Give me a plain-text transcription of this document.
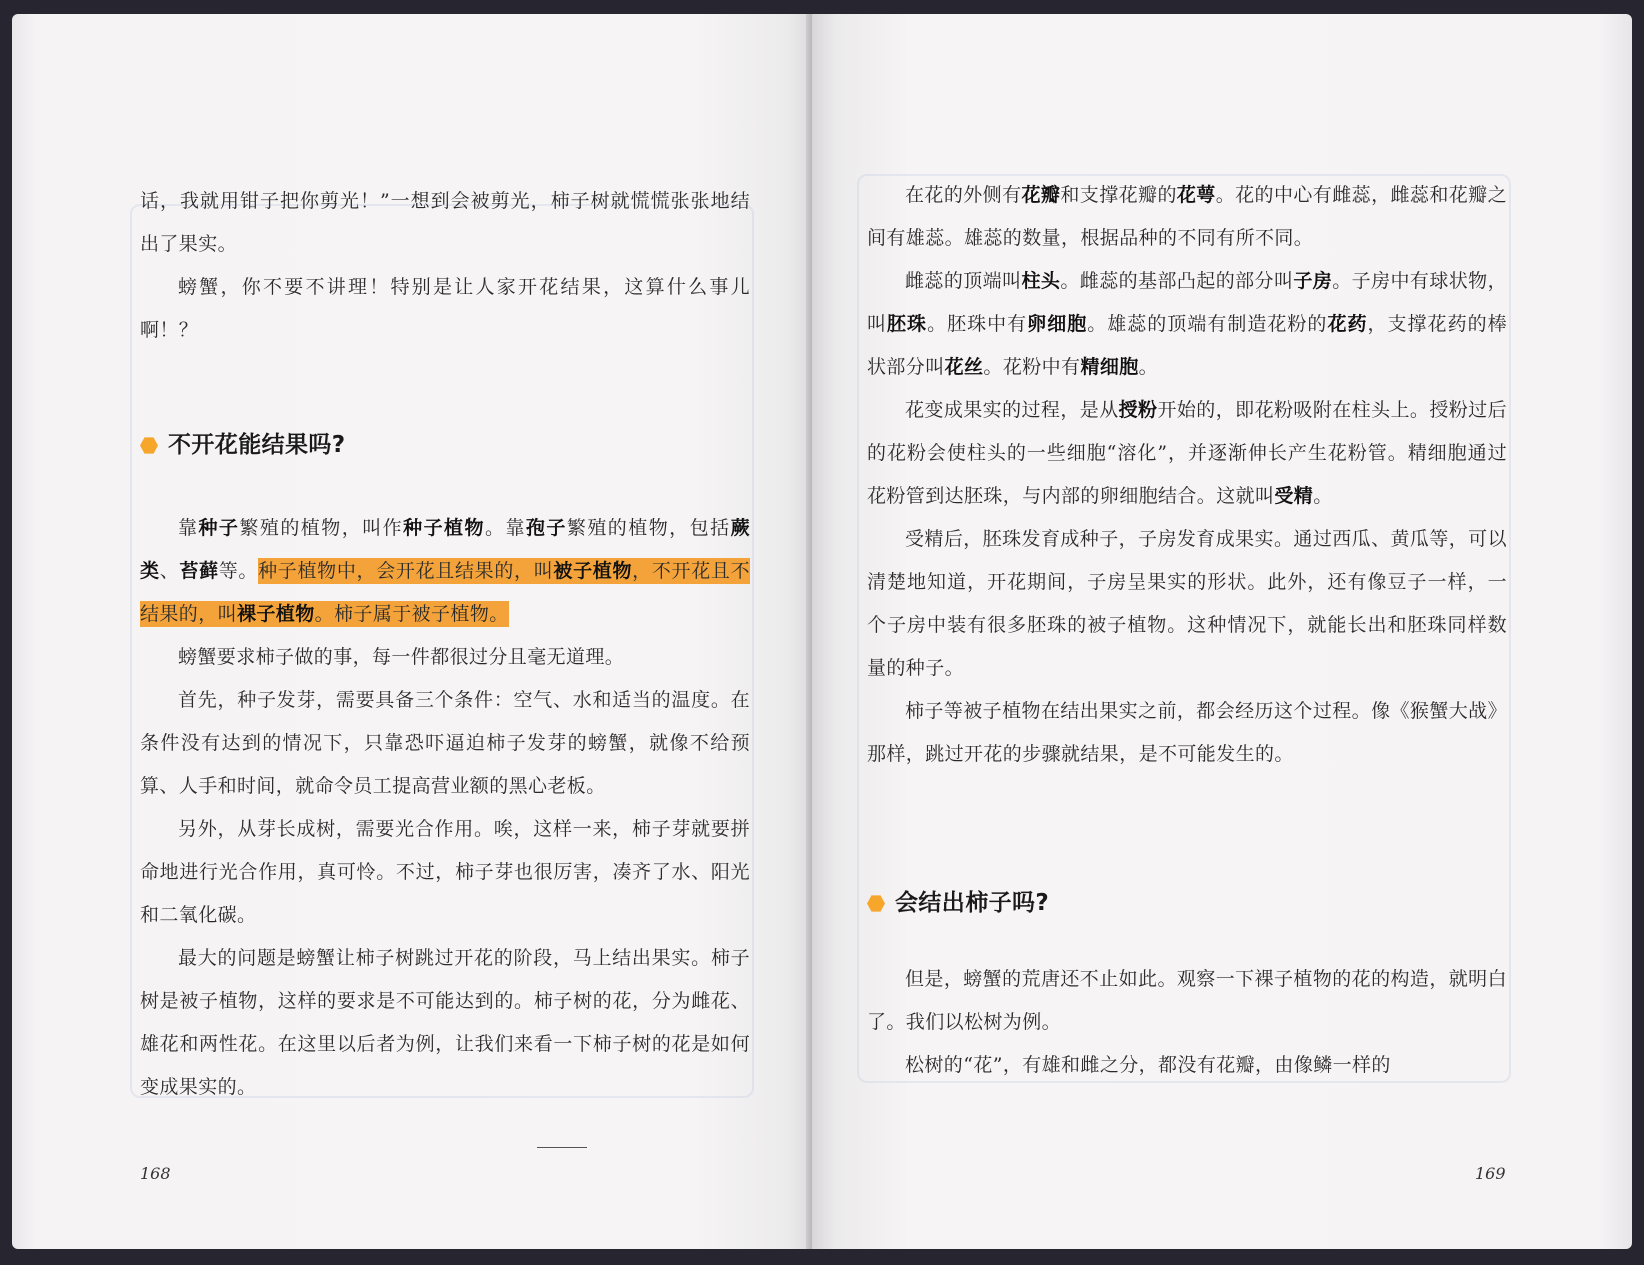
话，我就用钳子把你剪光！”一想到会被剪光，柿子树就慌慌张张地结出了果实。

螃蟹，你不要不讲理！特别是让人家开花结果，这算什么事儿啊！？

不开花能结果吗?

靠种子繁殖的植物，叫作种子植物。靠孢子繁殖的植物，包括蕨类、苔藓等。种子植物中，会开花且结果的，叫被子植物，不开花且不结果的，叫裸子植物。柿子属于被子植物。

螃蟹要求柿子做的事，每一件都很过分且毫无道理。

首先，种子发芽，需要具备三个条件：空气、水和适当的温度。在条件没有达到的情况下，只靠恐吓逼迫柿子发芽的螃蟹，就像不给预算、人手和时间，就命令员工提高营业额的黑心老板。

另外，从芽长成树，需要光合作用。唉，这样一来，柿子芽就要拼命地进行光合作用，真可怜。不过，柿子芽也很厉害，凑齐了水、阳光和二氧化碳。

最大的问题是螃蟹让柿子树跳过开花的阶段，马上结出果实。柿子树是被子植物，这样的要求是不可能达到的。柿子树的花，分为雌花、雄花和两性花。在这里以后者为例，让我们来看一下柿子树的花是如何变成果实的。

168

在花的外侧有花瓣和支撑花瓣的花萼。花的中心有雌蕊，雌蕊和花瓣之间有雄蕊。雄蕊的数量，根据品种的不同有所不同。

雌蕊的顶端叫柱头。雌蕊的基部凸起的部分叫子房。子房中有球状物，叫胚珠。胚珠中有卵细胞。雄蕊的顶端有制造花粉的花药，支撑花药的棒状部分叫花丝。花粉中有精细胞。

花变成果实的过程，是从授粉开始的，即花粉吸附在柱头上。授粉过后的花粉会使柱头的一些细胞“溶化”，并逐渐伸长产生花粉管。精细胞通过花粉管到达胚珠，与内部的卵细胞结合。这就叫受精。

受精后，胚珠发育成种子，子房发育成果实。通过西瓜、黄瓜等，可以清楚地知道，开花期间，子房呈果实的形状。此外，还有像豆子一样，一个子房中装有很多胚珠的被子植物。这种情况下，就能长出和胚珠同样数量的种子。

柿子等被子植物在结出果实之前，都会经历这个过程。像《猴蟹大战》那样，跳过开花的步骤就结果，是不可能发生的。

会结出柿子吗?

但是，螃蟹的荒唐还不止如此。观察一下裸子植物的花的构造，就明白了。我们以松树为例。

松树的“花”，有雄和雌之分，都没有花瓣，由像鳞一样的

169
